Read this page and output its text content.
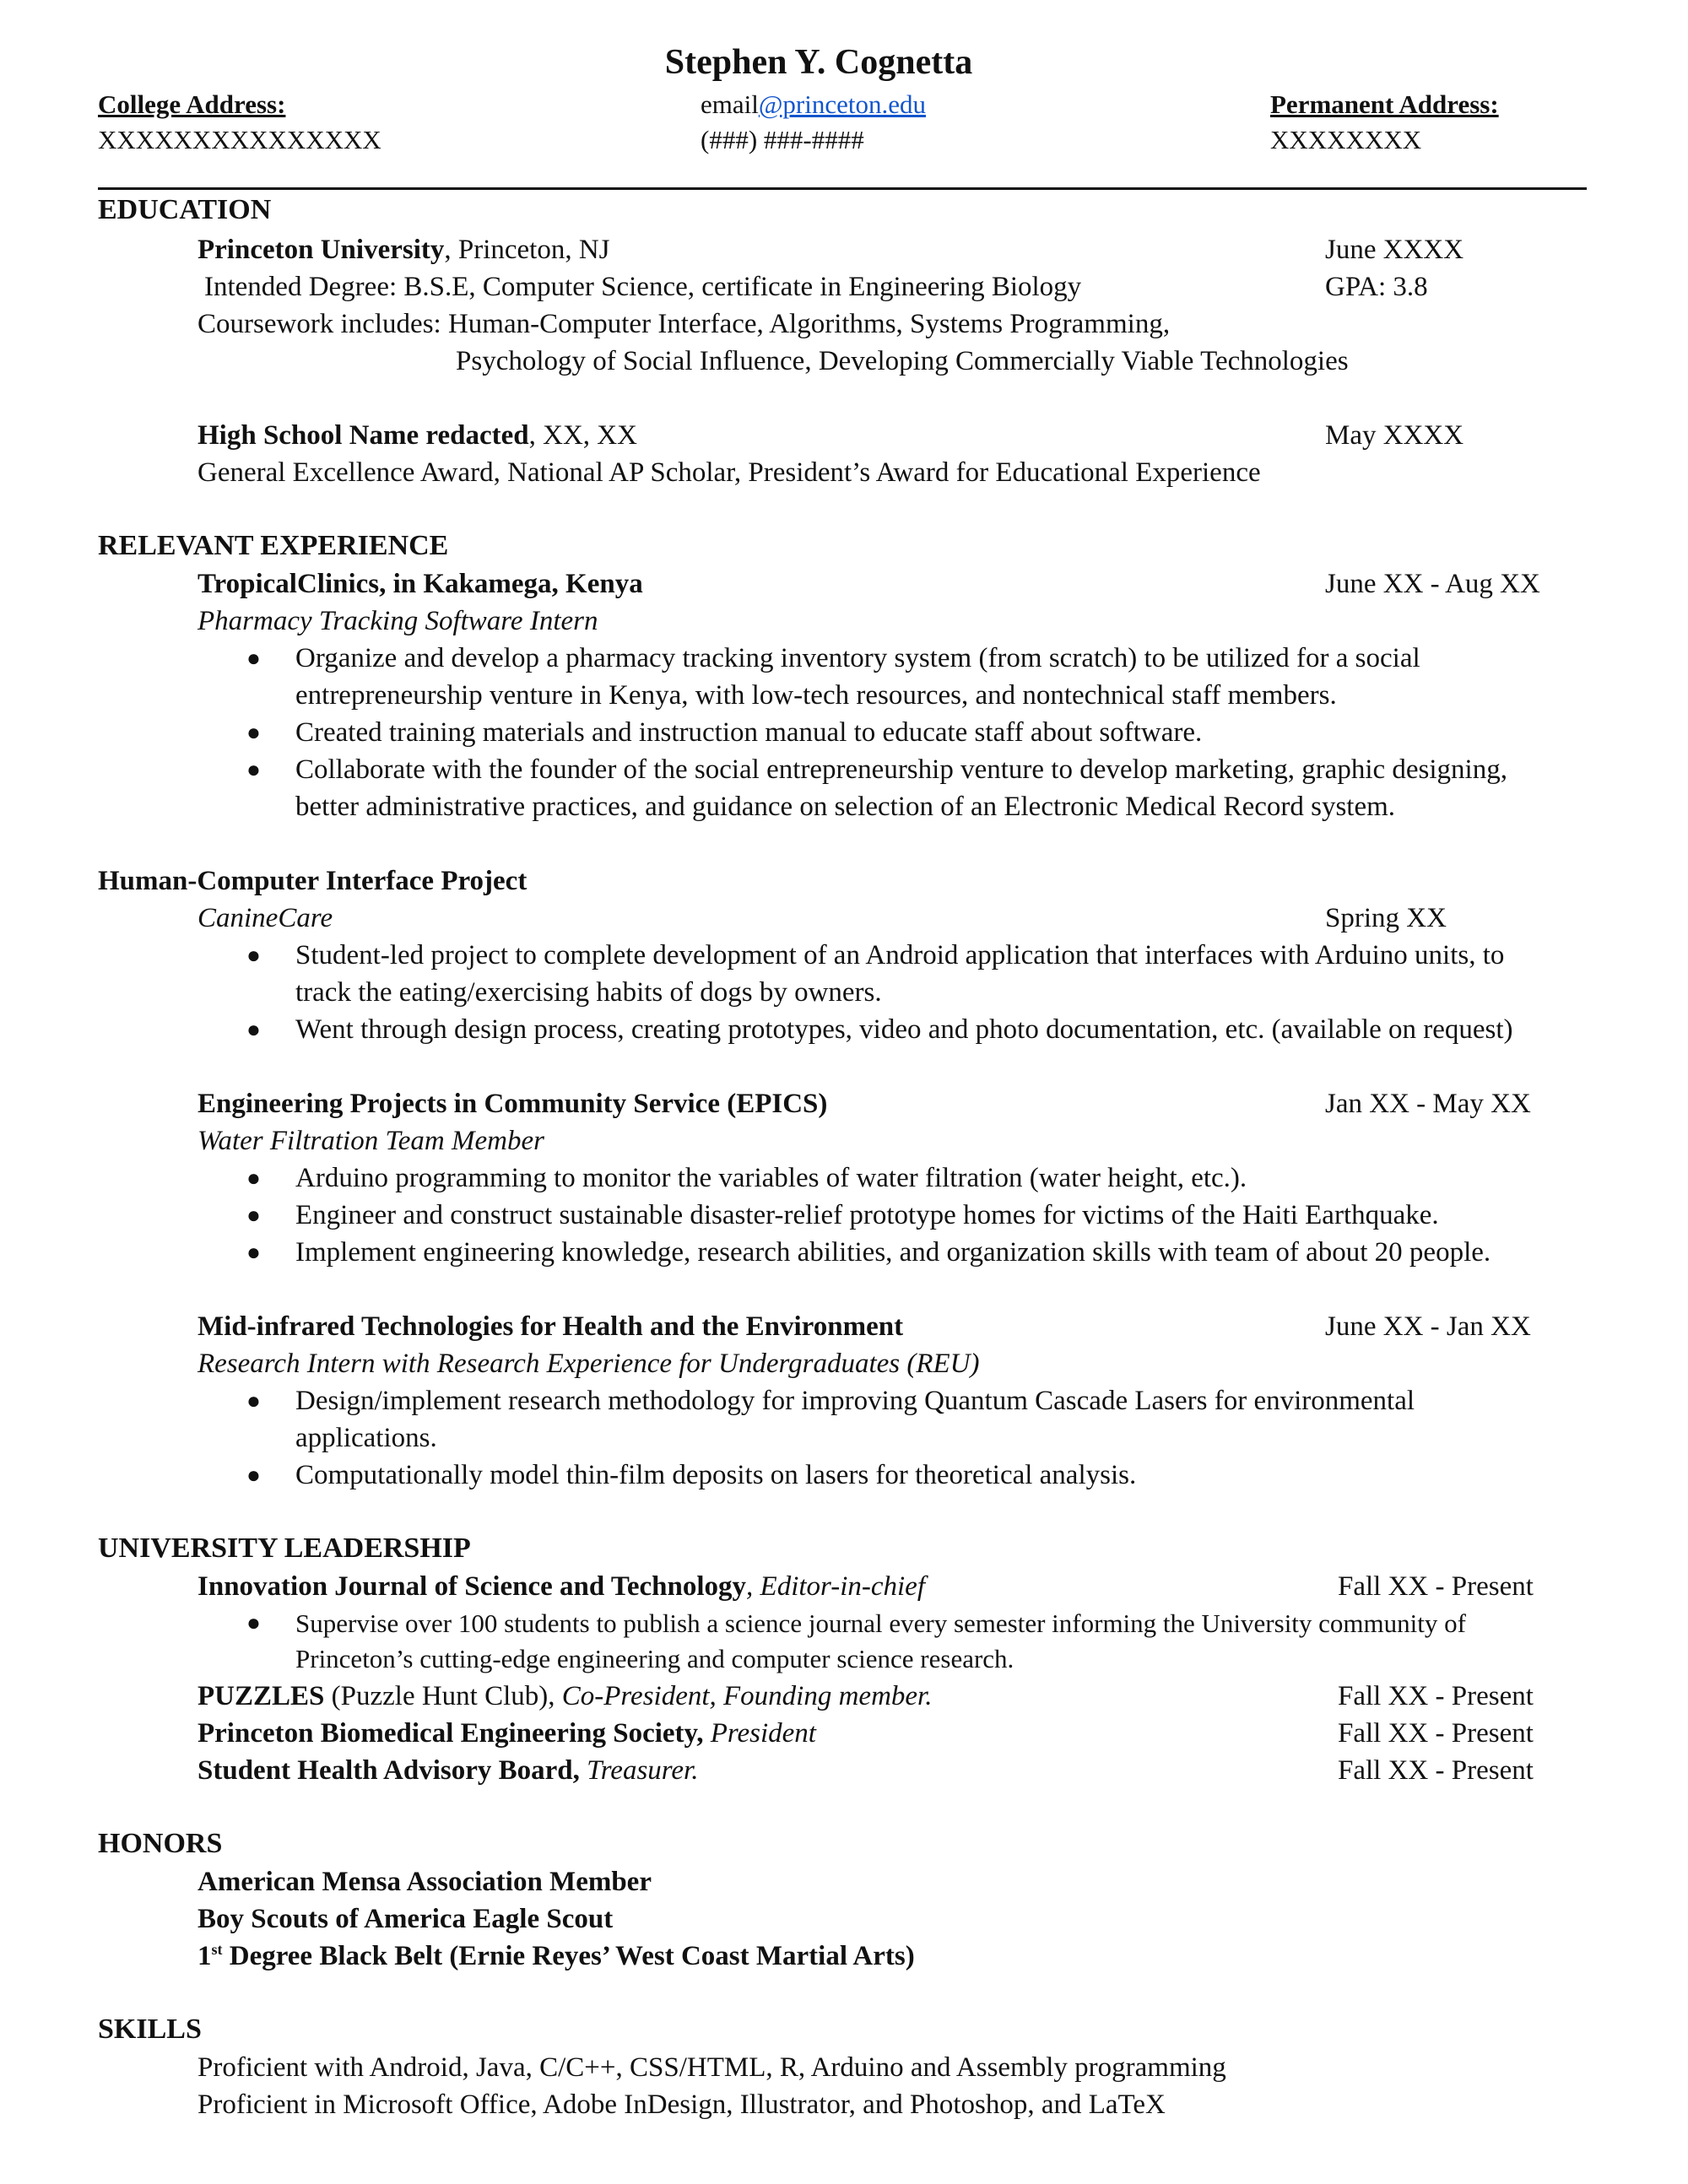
Stephen Y. Cognetta
College Address:
XXXXXXXXXXXXXXX
email@princeton.edu
(###) ###-####
Permanent Address:
XXXXXXXX
EDUCATION
Princeton University, Princeton, NJ	June XXXX
Intended Degree: B.S.E, Computer Science, certificate in Engineering Biology	GPA: 3.8
Coursework includes: Human-Computer Interface, Algorithms, Systems Programming,
Psychology of Social Influence, Developing Commercially Viable Technologies
High School Name redacted, XX, XX	May XXXX
General Excellence Award, National AP Scholar, President’s Award for Educational Experience
RELEVANT EXPERIENCE
TropicalClinics, in Kakamega, Kenya	June XX - Aug XX
Pharmacy Tracking Software Intern
● Organize and develop a pharmacy tracking inventory system (from scratch) to be utilized for a social
entrepreneurship venture in Kenya, with low-tech resources, and nontechnical staff members.
● Created training materials and instruction manual to educate staff about software.
● Collaborate with the founder of the social entrepreneurship venture to develop marketing, graphic designing,
better administrative practices, and guidance on selection of an Electronic Medical Record system.
Human-Computer Interface Project
CanineCare	Spring XX
● Student-led project to complete development of an Android application that interfaces with Arduino units, to
track the eating/exercising habits of dogs by owners.
● Went through design process, creating prototypes, video and photo documentation, etc. (available on request)
Engineering Projects in Community Service (EPICS)	Jan XX - May XX
Water Filtration Team Member
● Arduino programming to monitor the variables of water filtration (water height, etc.).
● Engineer and construct sustainable disaster-relief prototype homes for victims of the Haiti Earthquake.
● Implement engineering knowledge, research abilities, and organization skills with team of about 20 people.
Mid-infrared Technologies for Health and the Environment	June XX - Jan XX
Research Intern with Research Experience for Undergraduates (REU)
● Design/implement research methodology for improving Quantum Cascade Lasers for environmental
applications.
● Computationally model thin-film deposits on lasers for theoretical analysis.
UNIVERSITY LEADERSHIP
Innovation Journal of Science and Technology, Editor-in-chief	Fall XX - Present
● Supervise over 100 students to publish a science journal every semester informing the University community of
Princeton’s cutting-edge engineering and computer science research.
PUZZLES (Puzzle Hunt Club), Co-President, Founding member.	Fall XX - Present
Princeton Biomedical Engineering Society, President	Fall XX - Present
Student Health Advisory Board, Treasurer.	Fall XX - Present
HONORS
American Mensa Association Member
Boy Scouts of America Eagle Scout
1st Degree Black Belt (Ernie Reyes’ West Coast Martial Arts)
SKILLS
Proficient with Android, Java, C/C++, CSS/HTML, R, Arduino and Assembly programming
Proficient in Microsoft Office, Adobe InDesign, Illustrator, and Photoshop, and LaTeX
